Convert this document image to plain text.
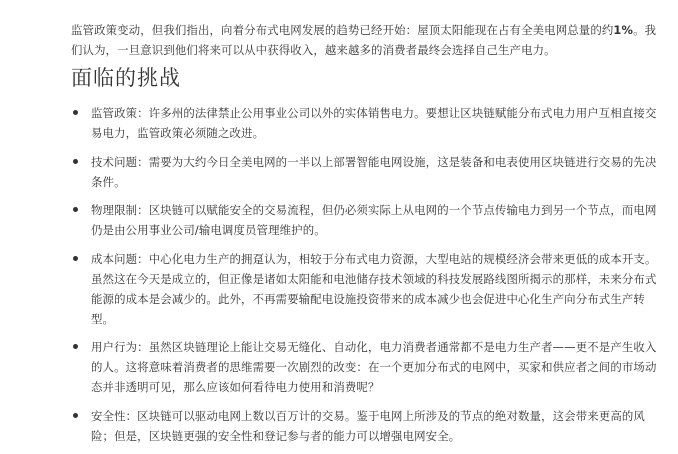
监管政策变动，但我们指出，向着分布式电网发展的趋势已经开始：屋顶太阳能现在占有全美电网总量的约1%。我们认为，一旦意识到他们将来可以从中获得收入，越来越多的消费者最终会选择自己生产电力。

面临的挑战
监管政策：许多州的法律禁止公用事业公司以外的实体销售电力。要想让区块链赋能分布式电力用户互相直接交易电力，监管政策必须随之改进。
技术问题：需要为大约今日全美电网的一半以上部署智能电网设施，这是装备和电表使用区块链进行交易的先决条件。
物理限制：区块链可以赋能安全的交易流程，但仍必须实际上从电网的一个节点传输电力到另一个节点，而电网仍是由公用事业公司/输电调度员管理维护的。
成本问题：中心化电力生产的拥趸认为，相较于分布式电力资源，大型电站的规模经济会带来更低的成本开支。 虽然这在今天是成立的，但正像是诸如太阳能和电池储存技术领域的科技发展路线图所揭示的那样，未来分布式能源的成本是会减少的。此外，不再需要输配电设施投资带来的成本减少也会促进中心化生产向分布式生产转型。
用户行为：虽然区块链理论上能让交易无缝化、自动化，电力消费者通常都不是电力生产者——更不是产生收入的人。这将意味着消费者的思维需要一次剧烈的改变：在一个更加分布式的电网中，买家和供应者之间的市场动态并非透明可见，那么应该如何看待电力使用和消费呢？
安全性：区块链可以驱动电网上数以百万计的交易。鉴于电网上所涉及的节点的绝对数量，这会带来更高的风险；但是，区块链更强的安全性和登记参与者的能力可以增强电网安全。
